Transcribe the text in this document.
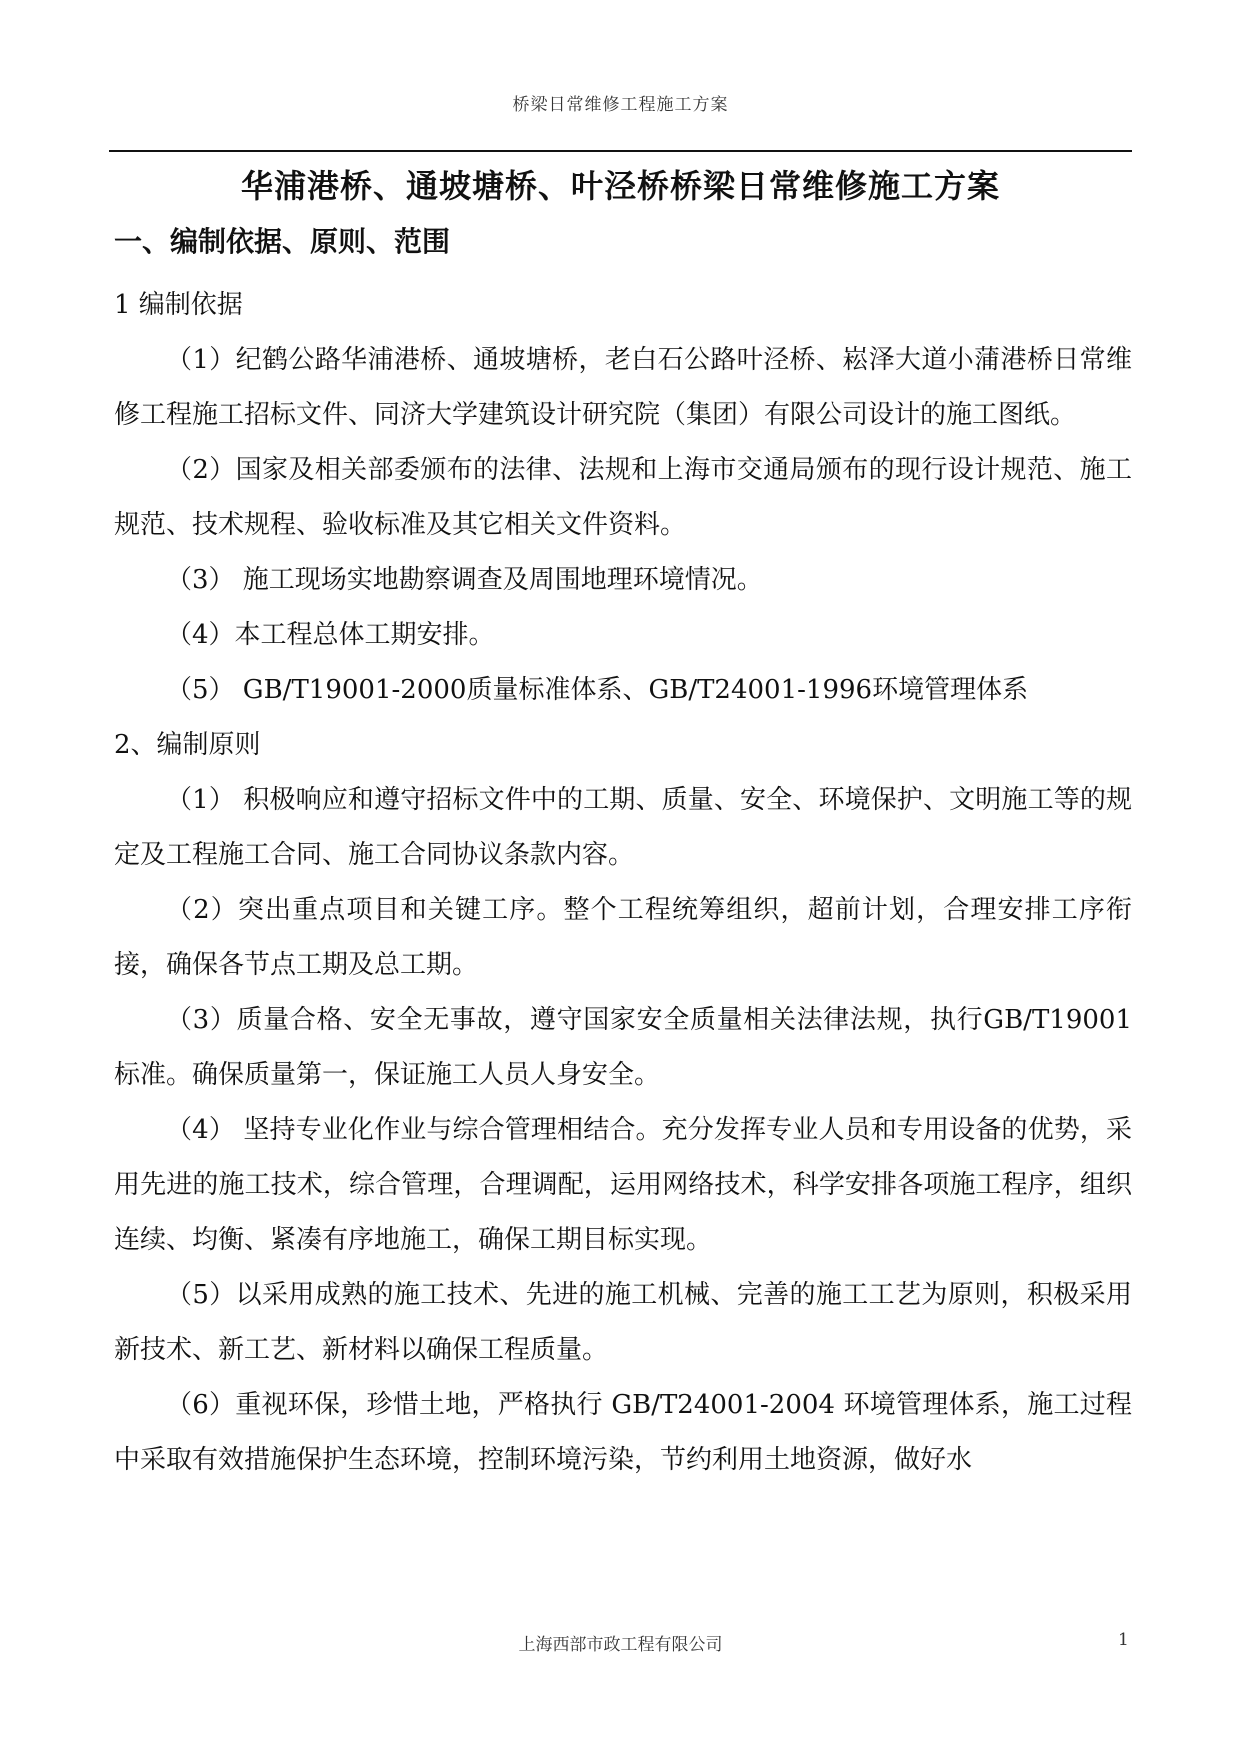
桥梁日常维修工程施工方案
华浦港桥、通坡塘桥、叶泾桥桥梁日常维修施工方案
一、编制依据、原则、范围

1 编制依据

（1）纪鹤公路华浦港桥、通坡塘桥，老白石公路叶泾桥、崧泽大道小蒲港桥日常维修工程施工招标文件、同济大学建筑设计研究院（集团）有限公司设计的施工图纸。

（2）国家及相关部委颁布的法律、法规和上海市交通局颁布的现行设计规范、施工规范、技术规程、验收标准及其它相关文件资料。

（3） 施工现场实地勘察调查及周围地理环境情况。

（4）本工程总体工期安排。

（5） GB/T19001-2000质量标准体系、GB/T24001-1996环境管理体系

2、编制原则

（1） 积极响应和遵守招标文件中的工期、质量、安全、环境保护、文明施工等的规定及工程施工合同、施工合同协议条款内容。

（2）突出重点项目和关键工序。整个工程统筹组织，超前计划，合理安排工序衔接，确保各节点工期及总工期。

（3）质量合格、安全无事故，遵守国家安全质量相关法律法规，执行GB/T19001 标准。确保质量第一，保证施工人员人身安全。

（4） 坚持专业化作业与综合管理相结合。充分发挥专业人员和专用设备的优势，采用先进的施工技术，综合管理，合理调配，运用网络技术，科学安排各项施工程序，组织连续、均衡、紧凑有序地施工，确保工期目标实现。

（5）以采用成熟的施工技术、先进的施工机械、完善的施工工艺为原则，积极采用新技术、新工艺、新材料以确保工程质量。

（6）重视环保，珍惜土地，严格执行 GB/T24001-2004 环境管理体系，施工过程中采取有效措施保护生态环境，控制环境污染，节约利用土地资源，做好水

上海西部市政工程有限公司	1
